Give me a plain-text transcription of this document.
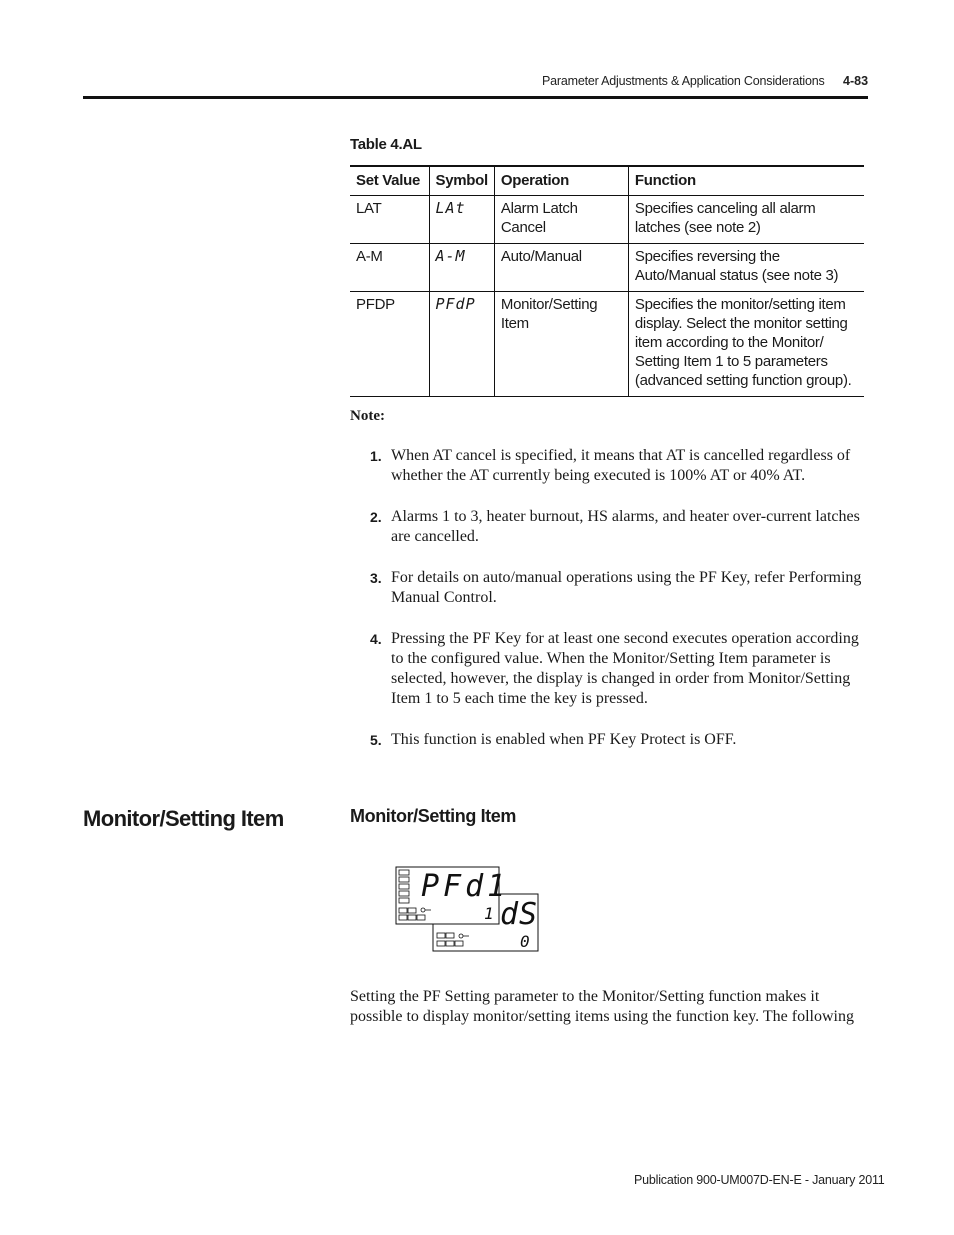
Parameter Adjustments & Application Considerations 4-83
Table 4.AL
Set Value	Symbol	Operation	Function
LAT	LAt	Alarm Latch Cancel	Specifies canceling all alarm latches (see note 2)
A-M	A-M	Auto/Manual	Specifies reversing the Auto/Manual status (see note 3)
PFDP	PFdP	Monitor/Setting Item	Specifies the monitor/setting item display. Select the monitor setting item according to the Monitor/ Setting Item 1 to 5 parameters (advanced setting function group).
Note:
1. When AT cancel is specified, it means that AT is cancelled regardless of whether the AT currently being executed is 100% AT or 40% AT.
2. Alarms 1 to 3, heater burnout, HS alarms, and heater over-current latches are cancelled.
3. For details on auto/manual operations using the PF Key, refer Performing Manual Control.
4. Pressing the PF Key for at least one second executes operation according to the configured value. When the Monitor/Setting Item parameter is selected, however, the display is changed in order from Monitor/Setting Item 1 to 5 each time the key is pressed.
5. This function is enabled when PF Key Protect is OFF.
Monitor/Setting Item	Monitor/Setting Item
PFd1
1 dS
0
Setting the PF Setting parameter to the Monitor/Setting function makes it possible to display monitor/setting items using the function key. The following
Publication 900-UM007D-EN-E - January 2011
